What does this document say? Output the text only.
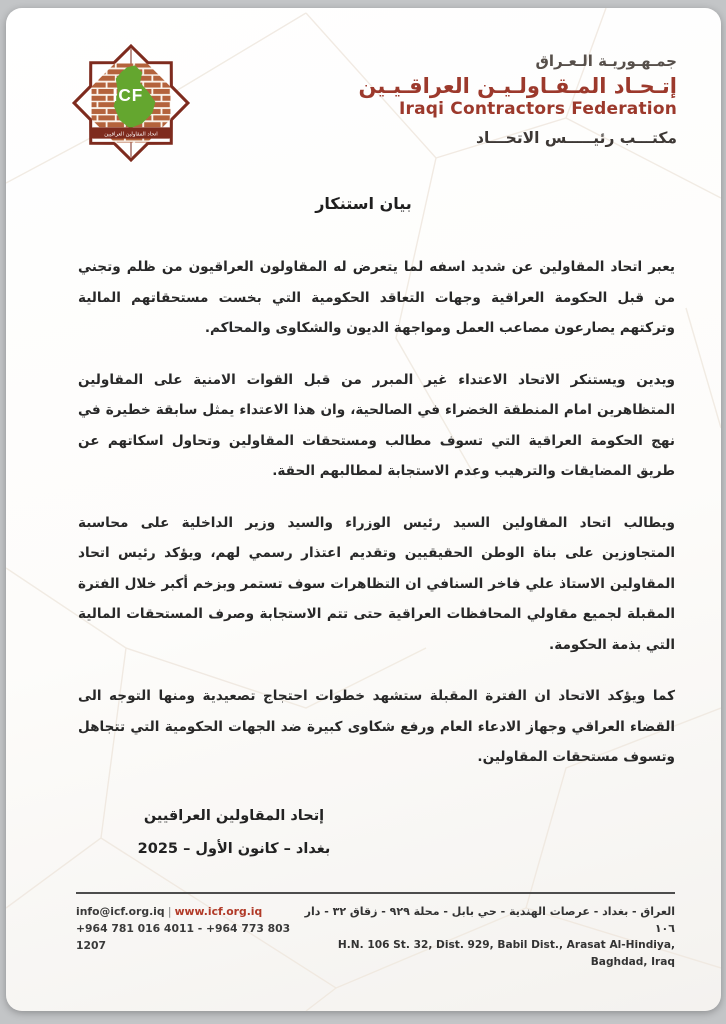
ICF
اتحاد المقاولين العراقيين
جمـهـوريـة الـعـراق
إتـحـاد المـقـاولـيـن العراقـيـين
Iraqi Contractors Federation
مكتـــب رئيـــــس الاتحـــاد
بيان استنكار

يعبر اتحاد المقاولين عن شديد اسفه لما يتعرض له المقاولون العراقيون من ظلم وتجني من قبل الحكومة العراقية وجهات التعاقد الحكومية التي بخست مستحقاتهم المالية وتركتهم يصارعون مصاعب العمل ومواجهة الديون والشكاوى والمحاكم.

ويدين ويستنكر الاتحاد الاعتداء غير المبرر من قبل القوات الامنية على المقاولين المتظاهرين امام المنطقة الخضراء في الصالحية، وان هذا الاعتداء يمثل سابقة خطيرة في نهج الحكومة العراقية التي تسوف مطالب ومستحقات المقاولين وتحاول اسكاتهم عن طريق المضايقات والترهيب وعدم الاستجابة لمطالبهم الحقة.

ويطالب اتحاد المقاولين السيد رئيس الوزراء والسيد وزير الداخلية على محاسبة المتجاوزين على بناة الوطن الحقيقيين وتقديم اعتذار رسمي لهم، ويؤكد رئيس اتحاد المقاولين الاستاذ علي فاخر السنافي ان التظاهرات سوف تستمر وبزخم أكبر خلال الفترة المقبلة لجميع مقاولي المحافظات العراقية حتى تتم الاستجابة وصرف المستحقات المالية التي بذمة الحكومة.

كما ويؤكد الاتحاد ان الفترة المقبلة ستشهد خطوات احتجاج تصعيدية ومنها التوجه الى القضاء العراقي وجهاز الادعاء العام ورفع شكاوى كبيرة ضد الجهات الحكومية التي تتجاهل وتسوف مستحقات المقاولين.

إتحاد المقاولين العراقيين
بغداد – كانون الأول – 2025
info@icf.org.iq | www.icf.org.iq
+964 781 016 4011 - +964 773 803 1207
العراق - بغداد - عرصات الهندية - حي بابل - محلة ٩٢٩ - زقاق ٣٢ - دار ١٠٦
H.N. 106 St. 32, Dist. 929, Babil Dist., Arasat Al-Hindiya, Baghdad, Iraq
